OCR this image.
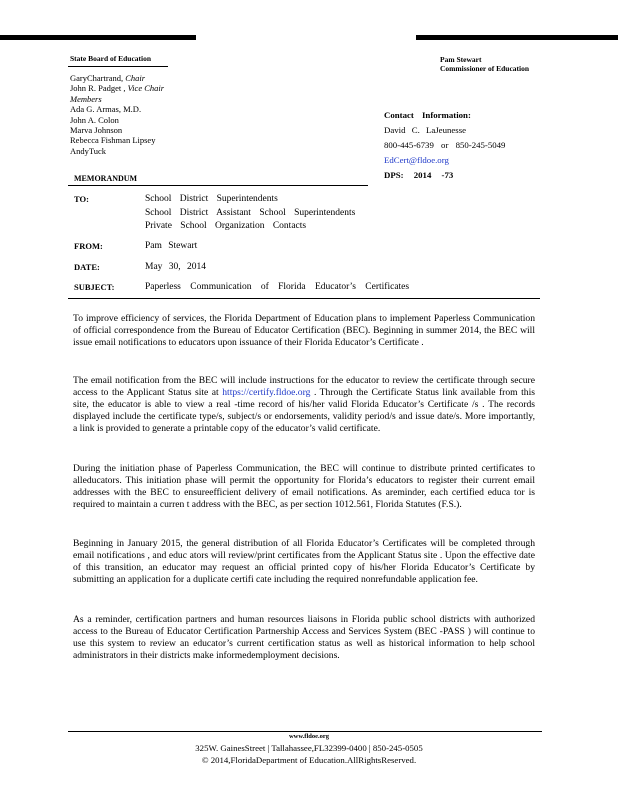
State Board of Education	Pam Stewart
Commissioner of Education
GaryChartrand, Chair
John R. Padget , Vice Chair
Members
Ada G. Armas, M.D.
John A. Colon
Marva Johnson
Rebecca Fishman Lipsey
AndyTuck
Contact Information:
David C. LaJeunesse
800-445-6739 or 850-245-5049
EdCert@fldoe.org
DPS: 2014 -73
MEMORANDUM
TO:	School District Superintendents
School District Assistant School Superintendents
Private School Organization Contacts
FROM:	Pam Stewart
DATE:	May 30, 2014
SUBJECT:	Paperless Communication of Florida Educator’s Certificates
To improve efficiency of services, the Florida Department of Education plans to implement Paperless Communication of official correspondence from the Bureau of Educator Certification (BEC). Beginning in summer 2014, the BEC will issue email notifications to educators upon issuance of their Florida Educator’s Certificate .
The email notification from the BEC will include instructions for the educator to review the certificate through secure access to the Applicant Status site at https://certify.fldoe.org . Through the Certificate Status link available from this site, the educator is able to view a real -time record of his/her valid Florida Educator’s Certificate /s . The records displayed include the certificate type/s, subject/s or endorsements, validity period/s and issue date/s. More importantly, a link is provided to generate a printable copy of the educator’s valid certificate.
During the initiation phase of Paperless Communication, the BEC will continue to distribute printed certificates to alleducators. This initiation phase will permit the opportunity for Florida’s educators to register their current email addresses with the BEC to ensureefficient delivery of email notifications. As areminder, each certified educa tor is required to maintain a curren t address with the BEC, as per section 1012.561, Florida Statutes (F.S.).
Beginning in January 2015, the general distribution of all Florida Educator’s Certificates will be completed through email notifications , and educ ators will review/print certificates from the Applicant Status site . Upon the effective date of this transition, an educator may request an official printed copy of his/her Florida Educator’s Certificate by submitting an application for a duplicate certifi cate including the required nonrefundable application fee.
As a reminder, certification partners and human resources liaisons in Florida public school districts with authorized access to the Bureau of Educator Certification Partnership Access and Services System (BEC -PASS ) will continue to use this system to review an educator’s current certification status as well as historical information to help school administrators in their districts make informedemployment decisions.
www.fldoe.org
325W. GainesStreet | Tallahassee,FL32399-0400 | 850-245-0505
© 2014,FloridaDepartment of Education.AllRightsReserved.
